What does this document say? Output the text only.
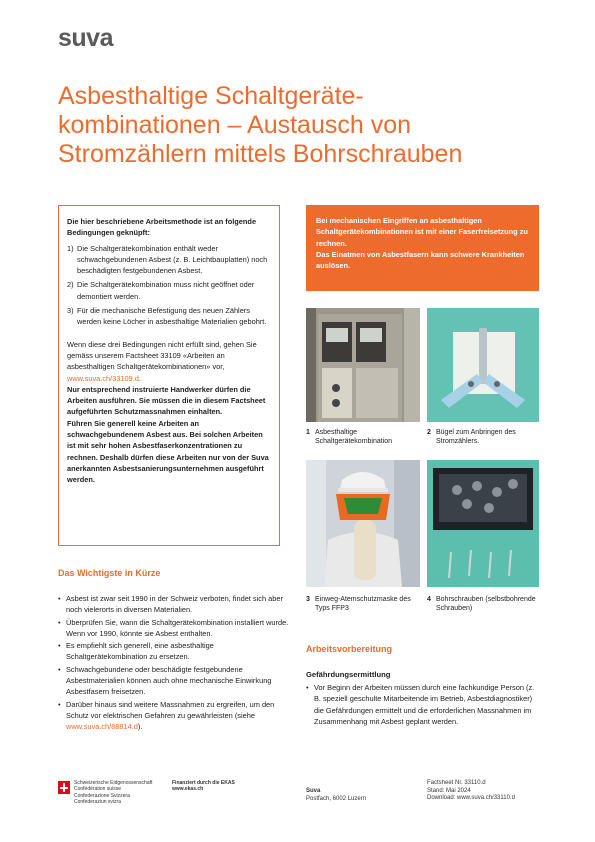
suva
Asbesthaltige Schaltgeräte-
kombinationen – Austausch von
Stromzählern mittels Bohrschrauben

Die hier beschriebene Arbeitsmethode ist an folgende Bedingungen geknüpft:

1) Die Schaltgerätekombination enthält weder schwachgebundenen Asbest (z. B. Leichtbauplatten) noch beschädigten festgebundenen Asbest.
2) Die Schaltgerätekombination muss nicht geöffnet oder demontiert werden.
3) Für die mechanische Befestigung des neuen Zählers werden keine Löcher in asbesthaltige Materialien gebohrt.

Wenn diese drei Bedingungen nicht erfüllt sind, gehen Sie gemäss unserem Factsheet 33109 «Arbeiten an asbesthaltigen Schaltgerätekombinationen» vor, www.suva.ch/33109.d.

Nur entsprechend instruierte Handwerker dürfen die Arbeiten ausführen. Sie müssen die in diesem Factsheet aufgeführten Schutzmassnahmen einhalten.

Führen Sie generell keine Arbeiten an schwachgebundenem Asbest aus. Bei solchen Arbeiten ist mit sehr hohen Asbestfaserkonzentrationen zu rechnen. Deshalb dürfen diese Arbeiten nur von der Suva anerkannten Asbestsanierungsunternehmen ausgeführt werden.

Bei mechanischen Eingriffen an asbesthaltigen Schaltgerätekombinationen ist mit einer Faserfreisetzung zu rechnen.

Das Einatmen von Asbestfasern kann schwere Krankheiten auslösen.

1 Asbesthaltige Schaltgerätekombination
2 Bügel zum Anbringen des Stromzählers.
3 Einweg-Atemschutzmaske des Typs FFP3
4 Bohrschrauben (selbstbohrende Schrauben)
Das Wichtigste in Kürze
• Asbest ist zwar seit 1990 in der Schweiz verboten, findet sich aber noch vielerorts in diversen Materialien.
• Überprüfen Sie, wann die Schaltgerätekombination installiert wurde. Wenn vor 1990, könnte sie Asbest enthalten.
• Es empfiehlt sich generell, eine asbesthaltige Schaltgerätekombination zu ersetzen.
• Schwachgebundene oder beschädigte festgebundene Asbestmaterialien können auch ohne mechanische Einwirkung Asbestfasern freisetzen.
• Darüber hinaus sind weitere Massnahmen zu ergreifen, um den Schutz vor elektrischen Gefahren zu gewährleisten (siehe www.suva.ch/88814.d).
Arbeitsvorbereitung
Gefährdungsermittlung
• Vor Beginn der Arbeiten müssen durch eine fachkundige Person (z. B. speziell geschulte Mitarbeitende im Betrieb, Asbestdiagnostiker) die Gefährdungen ermittelt und die erforderlichen Massnahmen im Zusammenhang mit Asbest geplant werden.
Schweizerische Eidgenossenschaft
Confédération suisse
Confederazione Svizzera
Confederaziun svizra
Finanziert durch die EKAS
www.ekas.ch	Suva
Postfach, 6002 Luzern
Factsheet Nr. 33110.d
Stand: Mai 2024
Download: www.suva.ch/33110.d
